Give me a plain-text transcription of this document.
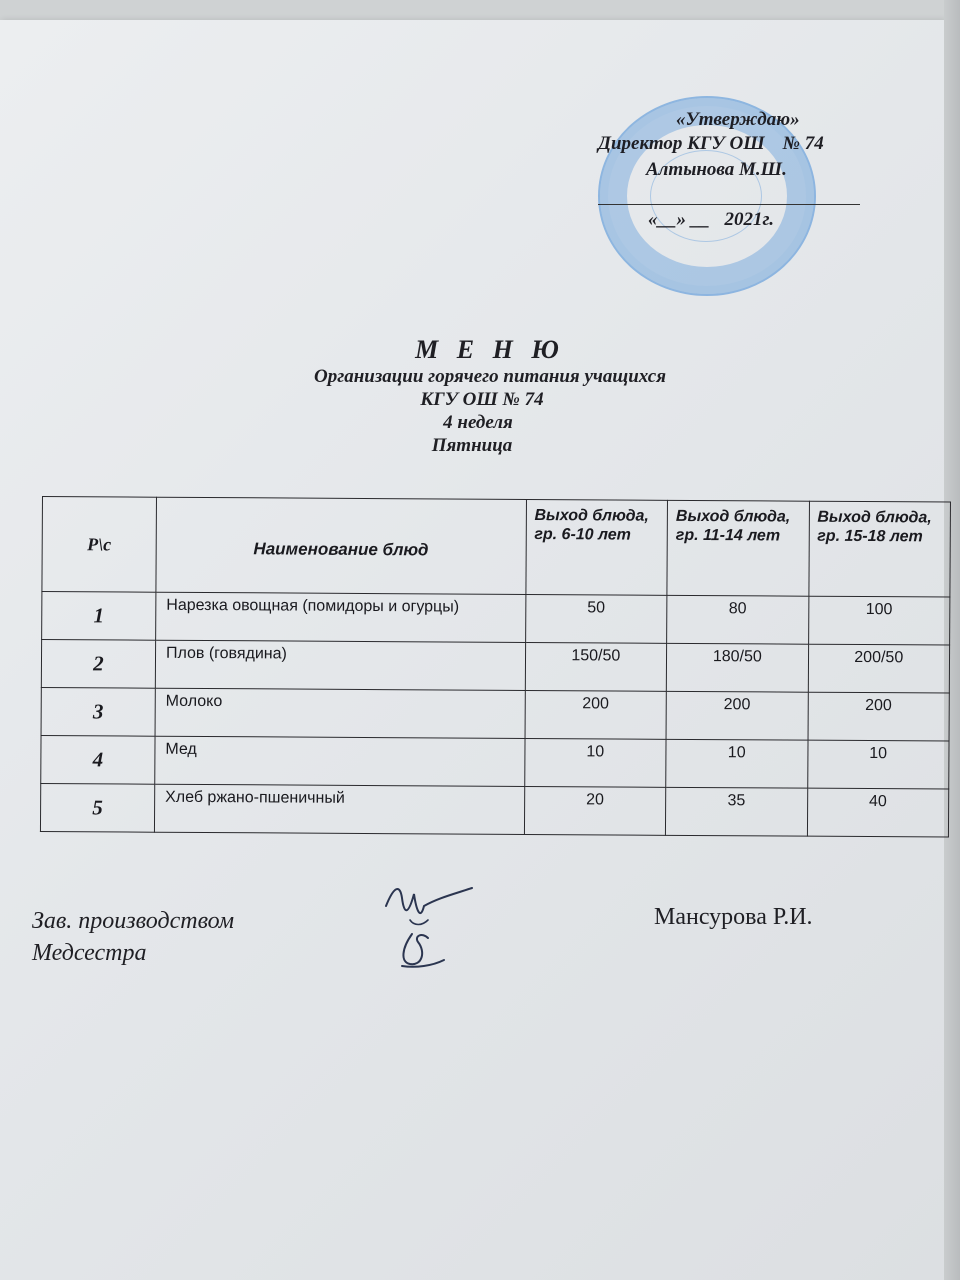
«Утверждаю»
Директор КГУ ОШ № 74
Алтынова М.Ш.
«__» __ 2021г.
М Е Н Ю
Организации горячего питания учащихся
КГУ ОШ № 74
4 неделя
Пятница
Р\с	Наименование блюд	Выход блюда, гр. 6-10 лет	Выход блюда, гр. 11-14 лет	Выход блюда, гр. 15-18 лет
1	Нарезка овощная (помидоры и огурцы)	50	80	100
2	Плов (говядина)	150/50	180/50	200/50
3	Молоко	200	200	200
4	Мед	10	10	10
5	Хлеб ржано-пшеничный	20	35	40
Зав. производством
Медсестра
Мансурова Р.И.
